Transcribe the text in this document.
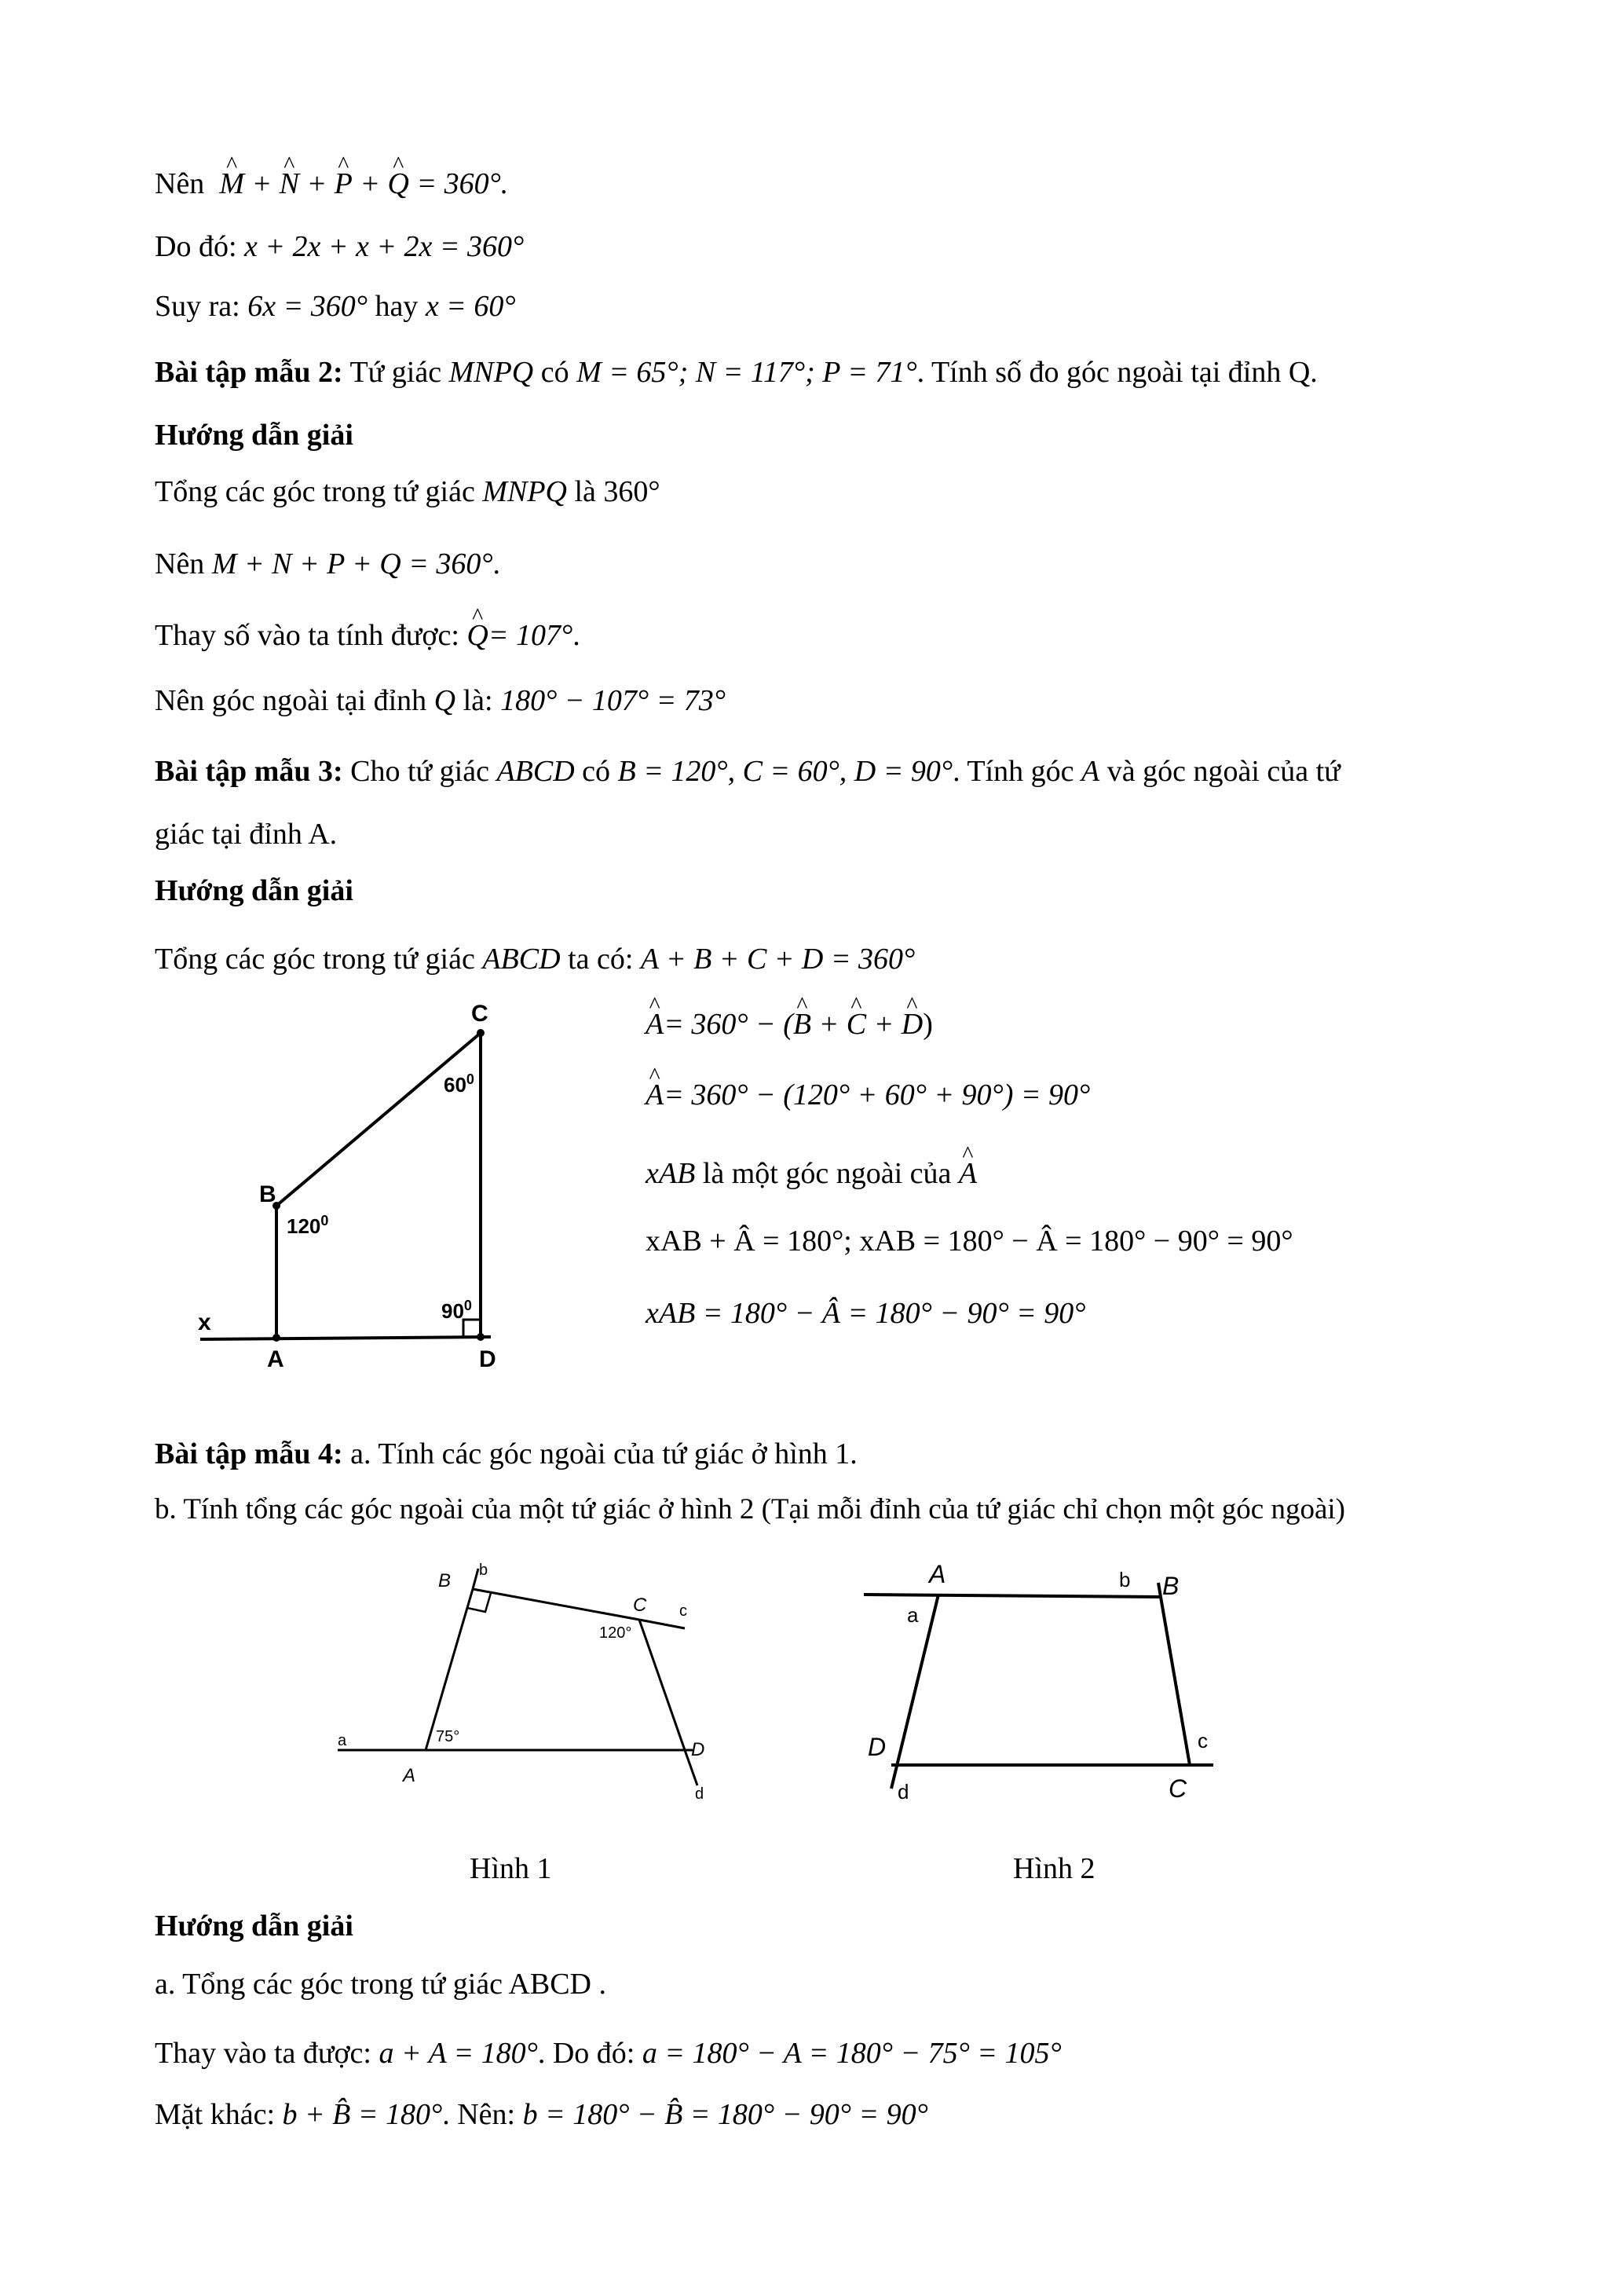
Nên ^ M + ^ N + ^ P + ^ Q = 360°.
Do đó: x + 2x + x + 2x = 360°
Suy ra: 6x = 360° hay x = 60°
Bài tập mẫu 2: Tứ giác MNPQ có M = 65°; N = 117°; P = 71°. Tính số đo góc ngoài tại đỉnh Q.
Hướng dẫn giải
Tổng các góc trong tứ giác MNPQ là 360°
Nên M + N + P + Q = 360°.
Thay số vào ta tính được: ^ Q= 107°.
Nên góc ngoài tại đỉnh Q là: 180° − 107° = 73°
Bài tập mẫu 3: Cho tứ giác ABCD có B = 120°, C = 60°, D = 90°. Tính góc A và góc ngoài của tứ
giác tại đỉnh A.
Hướng dẫn giải
Tổng các góc trong tứ giác ABCD ta có: A + B + C + D = 360°
^ A= 360° − (^ B + ^ C + ^ D)
^ A= 360° − (120° + 60° + 90°) = 90°
xAB là một góc ngoài của ^ A
xAB + Â = 180°; xAB = 180° − Â = 180° − 90° = 90°
xAB = 180° − Â = 180° − 90° = 90°
C
B
A	D
x
$60^0$
$120^0$
$90^0$
Bài tập mẫu 4: a. Tính các góc ngoài của tứ giác ở hình 1.
b. Tính tổng các góc ngoài của một tứ giác ở hình 2 (Tại mỗi đỉnh của tứ giác chỉ chọn một góc ngoài)
B
C
D
A
b
c
d
a	75°
120°
Hình 1
A	B
D
C
a
b
c
d
Hình 2
Hướng dẫn giải
a. Tổng các góc trong tứ giác ABCD .
Thay vào ta được: a + A = 180°. Do đó: a = 180° − A = 180° − 75° = 105°
Mặt khác: b + B̂ = 180°. Nên: b = 180° − B̂ = 180° − 90° = 90°
